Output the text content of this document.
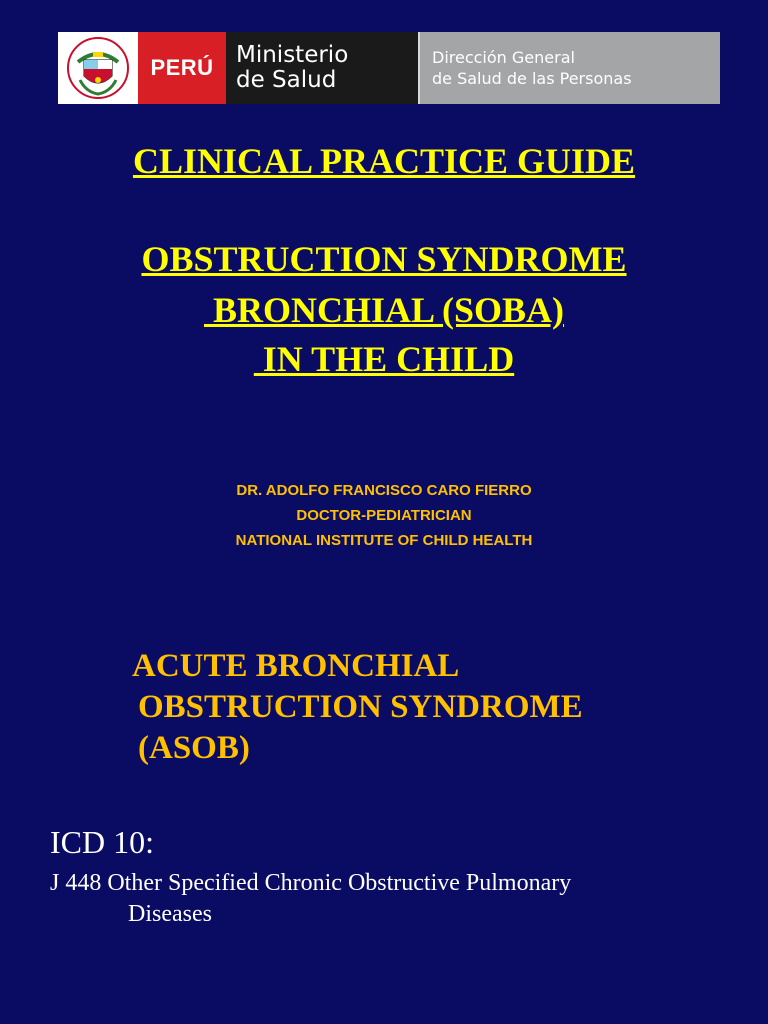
PERÚ Ministerio
de Salud
Dirección General
de Salud de las Personas
CLINICAL PRACTICE GUIDE
OBSTRUCTION SYNDROME
BRONCHIAL (SOBA)
IN THE CHILD
DR. ADOLFO FRANCISCO CARO FIERRO
DOCTOR-PEDIATRICIAN
NATIONAL INSTITUTE OF CHILD HEALTH
ACUTE BRONCHIAL
OBSTRUCTION SYNDROME
(ASOB)
ICD 10:
J 448 Other Specified Chronic Obstructive Pulmonary
Diseases
